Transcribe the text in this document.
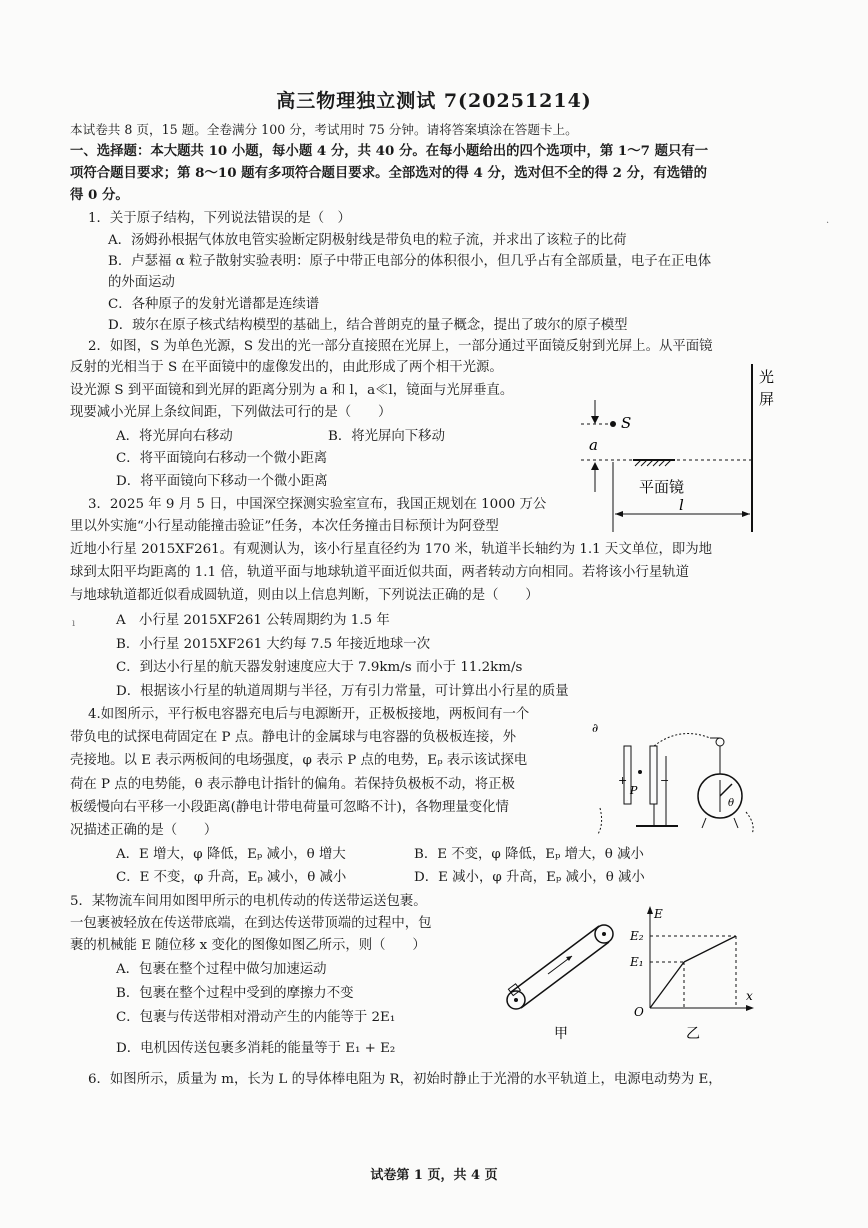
高三物理独立测试 7(20251214)
本试卷共 8 页，15 题。全卷满分 100 分，考试用时 75 分钟。请将答案填涂在答题卡上。
一、选择题：本大题共 10 小题，每小题 4 分，共 40 分。在每小题给出的四个选项中，第 1～7 题只有一
项符合题目要求；第 8～10 题有多项符合题目要求。全部选对的得 4 分，选对但不全的得 2 分，有选错的
得 0 分。
1．关于原子结构，下列说法错误的是（　）
A．汤姆孙根据气体放电管实验断定阴极射线是带负电的粒子流，并求出了该粒子的比荷
B．卢瑟福 α 粒子散射实验表明：原子中带正电部分的体积很小，但几乎占有全部质量，电子在正电体
的外面运动
C．各种原子的发射光谱都是连续谱
D．玻尔在原子核式结构模型的基础上，结合普朗克的量子概念，提出了玻尔的原子模型
2．如图，S 为单色光源，S 发出的光一部分直接照在光屏上，一部分通过平面镜反射到光屏上。从平面镜
反射的光相当于 S 在平面镜中的虚像发出的，由此形成了两个相干光源。
设光源 S 到平面镜和到光屏的距离分别为 a 和 l，a≪l，镜面与光屏垂直。
现要减小光屏上条纹间距，下列做法可行的是（　　）
A．将光屏向右移动	B．将光屏向下移动
C．将平面镜向右移动一个微小距离
D．将平面镜向下移动一个微小距离
光
屏
S
a
平面镜
l
3．2025 年 9 月 5 日，中国深空探测实验室宣布，我国正规划在 1000 万公
里以外实施“小行星动能撞击验证”任务，本次任务撞击目标预计为阿登型
近地小行星 2015XF261。有观测认为，该小行星直径约为 170 米，轨道半长轴约为 1.1 天文单位，即为地
球到太阳平均距离的 1.1 倍，轨道平面与地球轨道平面近似共面，两者转动方向相同。若将该小行星轨道
与地球轨道都近似看成圆轨道，则由以上信息判断，下列说法正确的是（　　）
A　小行星 2015XF261 公转周期约为 1.5 年
B．小行星 2015XF261 大约每 7.5 年接近地球一次
C．到达小行星的航天器发射速度应大于 7.9km/s 而小于 11.2km/s
D．根据该小行星的轨道周期与半径，万有引力常量，可计算出小行星的质量
4.如图所示，平行板电容器充电后与电源断开，正极板接地，两板间有一个
带负电的试探电荷固定在 P 点。静电计的金属球与电容器的负极板连接，外
壳接地。以 E 表示两板间的电场强度，φ 表示 P 点的电势，Eₚ 表示该试探电
荷在 P 点的电势能，θ 表示静电计指针的偏角。若保持负极板不动，将正极
板缓慢向右平移一小段距离(静电计带电荷量可忽略不计)，各物理量变化情
况描述正确的是（　　）
A．E 增大，φ 降低，Eₚ 减小，θ 增大	B．E 不变，φ 降低，Eₚ 增大，θ 减小
C．E 不变，φ 升高，Eₚ 减小，θ 减小	D．E 减小，φ 升高，Eₚ 减小，θ 减小
∂
P
+	−
θ
5．某物流车间用如图甲所示的电机传动的传送带运送包裹。
一包裹被轻放在传送带底端，在到达传送带顶端的过程中，包
裹的机械能 E 随位移 x 变化的图像如图乙所示，则（　　）
A．包裹在整个过程中做匀加速运动
B．包裹在整个过程中受到的摩擦力不变
C．包裹与传送带相对滑动产生的内能等于 2E₁
D．电机因传送包裹多消耗的能量等于 E₁ + E₂
甲
E
x
O
E₂
E₁
乙
6．如图所示，质量为 m，长为 L 的导体棒电阻为 R，初始时静止于光滑的水平轨道上，电源电动势为 E，
试卷第 1 页，共 4 页
ı
·
